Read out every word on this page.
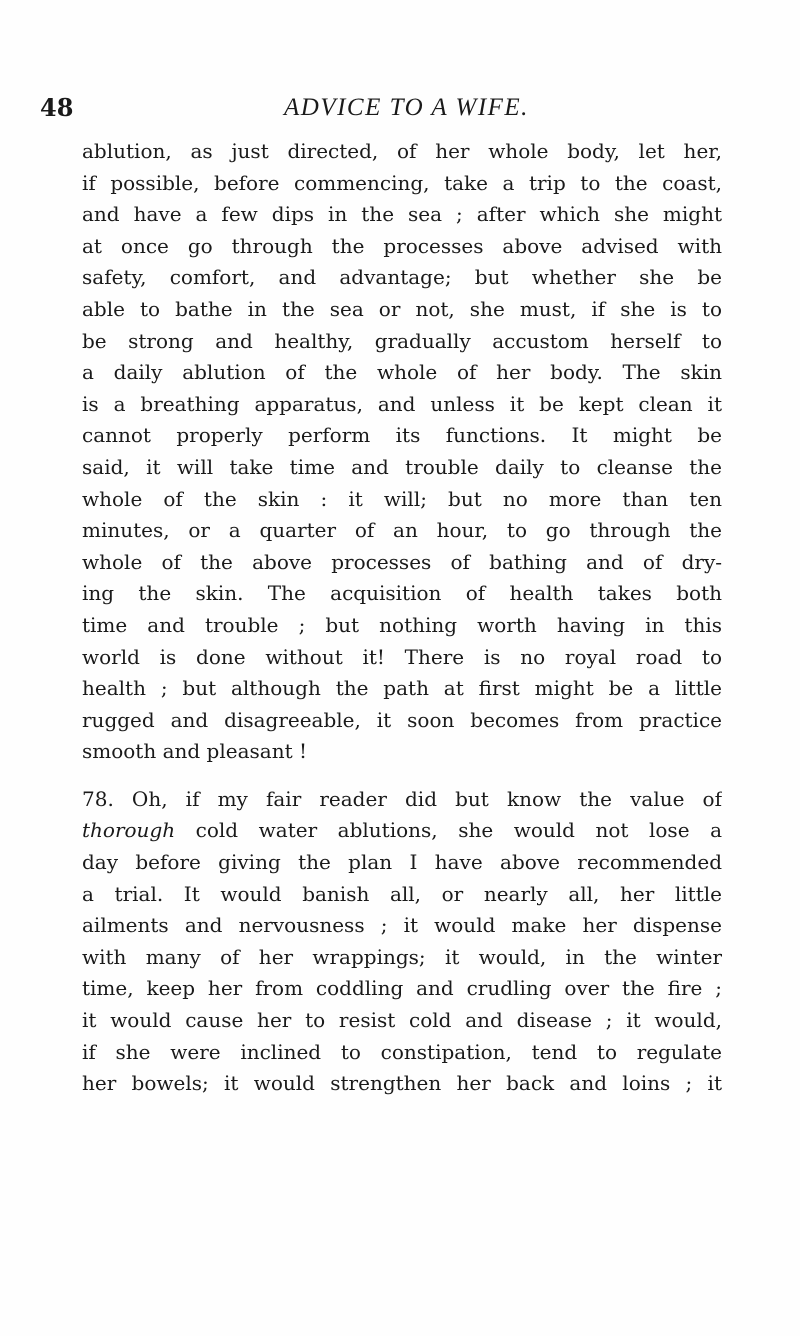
48	ADVICE TO A WIFE.
ablution, as just directed, of her whole body, let her,
if possible, before commencing, take a trip to the coast,
and have a few dips in the sea ; after which she might
at once go through the processes above advised with
safety, comfort, and advantage; but whether she be
able to bathe in the sea or not, she must, if she is to
be strong and healthy, gradually accustom herself to
a daily ablution of the whole of her body. The skin
is a breathing apparatus, and unless it be kept clean it
cannot properly perform its functions. It might be
said, it will take time and trouble daily to cleanse the
whole of the skin : it will; but no more than ten
minutes, or a quarter of an hour, to go through the
whole of the above processes of bathing and of dry-
ing the skin. The acquisition of health takes both
time and trouble ; but nothing worth having in this
world is done without it! There is no royal road to
health ; but although the path at first might be a little
rugged and disagreeable, it soon becomes from practice
smooth and pleasant !
78. Oh, if my fair reader did but know the value of
thorough cold water ablutions, she would not lose a
day before giving the plan I have above recommended
a trial. It would banish all, or nearly all, her little
ailments and nervousness ; it would make her dispense
with many of her wrappings; it would, in the winter
time, keep her from coddling and crudling over the fire ;
it would cause her to resist cold and disease ; it would,
if she were inclined to constipation, tend to regulate
her bowels; it would strengthen her back and loins ; it
